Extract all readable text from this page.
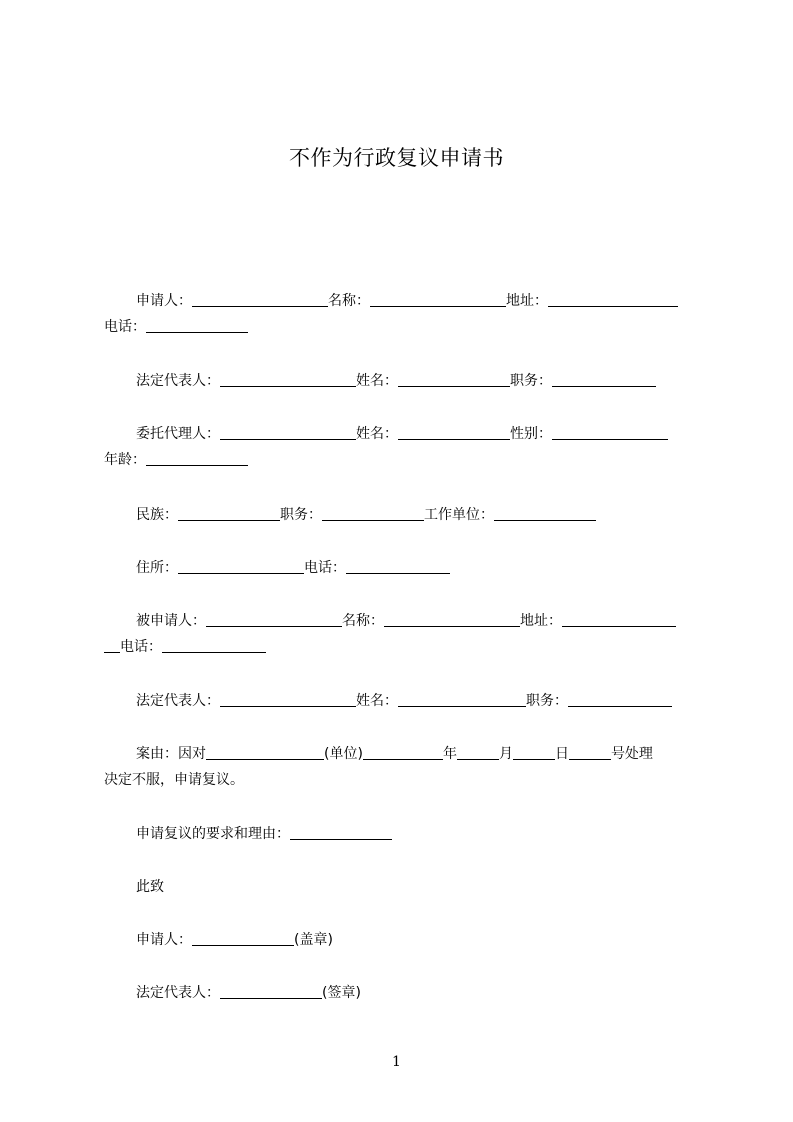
不作为行政复议申请书
申请人：	名称：	地址：
电话：
法定代表人：	姓名：	职务：
委托代理人：	姓名：	性别：
年龄：
民族：	职务：	工作单位：
住所：	电话：
被申请人：	名称：	地址：
电话：
法定代表人：	姓名：	职务：
案由：因对	(单位)	年	月	日	号处理
决定不服，申请复议。
申请复议的要求和理由：
此致
申请人：	(盖章)
法定代表人：	(签章)
1
